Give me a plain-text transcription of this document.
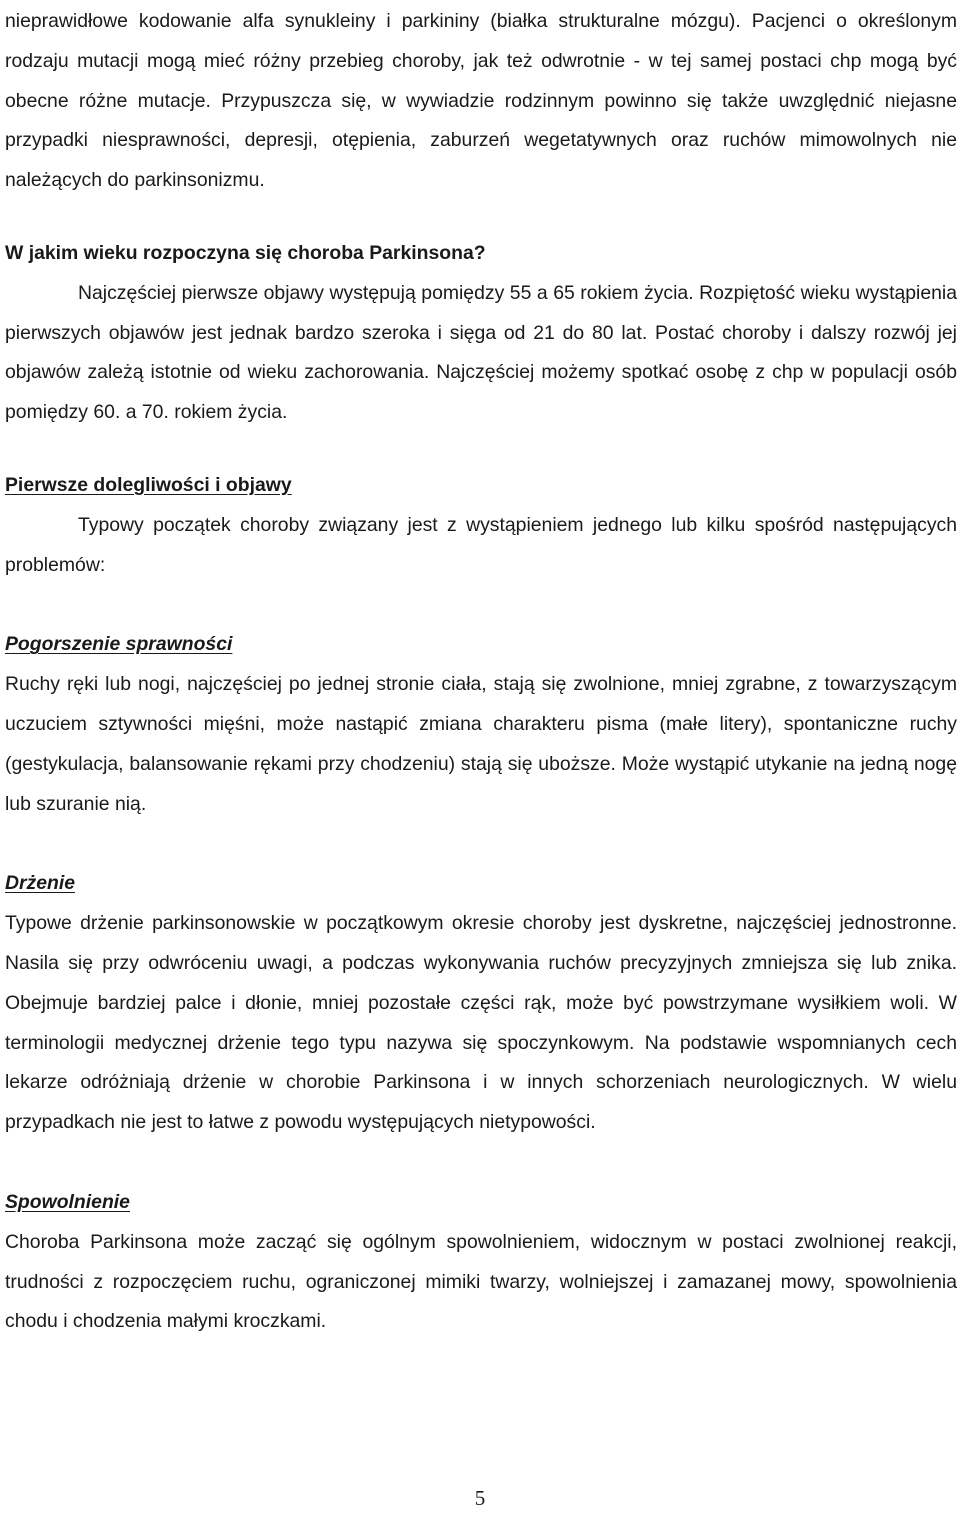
nieprawidłowe kodowanie alfa synukleiny i parkininy (białka strukturalne mózgu). Pacjenci o określonym rodzaju mutacji mogą mieć różny przebieg choroby, jak też odwrotnie - w tej samej postaci chp mogą być obecne różne mutacje. Przypuszcza się, w wywiadzie rodzinnym powinno się także uwzględnić niejasne przypadki niesprawności, depresji, otępienia, zaburzeń wegetatywnych oraz ruchów mimowolnych nie należących do parkinsonizmu.

W jakim wieku rozpoczyna się choroba Parkinsona?

Najczęściej pierwsze objawy występują pomiędzy 55 a 65 rokiem życia. Rozpiętość wieku wystąpienia pierwszych objawów jest jednak bardzo szeroka i sięga od 21 do 80 lat. Postać choroby i dalszy rozwój jej objawów zależą istotnie od wieku zachorowania. Najczęściej możemy spotkać osobę z chp w populacji osób pomiędzy 60. a 70. rokiem życia.

Pierwsze dolegliwości i objawy

Typowy początek choroby związany jest z wystąpieniem jednego lub kilku spośród następujących problemów:

Pogorszenie sprawności

Ruchy ręki lub nogi, najczęściej po jednej stronie ciała, stają się zwolnione, mniej zgrabne, z towarzyszącym uczuciem sztywności mięśni, może nastąpić zmiana charakteru pisma (małe litery), spontaniczne ruchy (gestykulacja, balansowanie rękami przy chodzeniu) stają się uboższe. Może wystąpić utykanie na jedną nogę lub szuranie nią.

Drżenie

Typowe drżenie parkinsonowskie w początkowym okresie choroby jest dyskretne, najczęściej jednostronne. Nasila się przy odwróceniu uwagi, a podczas wykonywania ruchów precyzyjnych zmniejsza się lub znika. Obejmuje bardziej palce i dłonie, mniej pozostałe części rąk, może być powstrzymane wysiłkiem woli. W terminologii medycznej drżenie tego typu nazywa się spoczynkowym. Na podstawie wspomnianych cech lekarze odróżniają drżenie w chorobie Parkinsona i w innych schorzeniach neurologicznych. W wielu przypadkach nie jest to łatwe z powodu występujących nietypowości.

Spowolnienie

Choroba Parkinsona może zacząć się ogólnym spowolnieniem, widocznym w postaci zwolnionej reakcji, trudności z rozpoczęciem ruchu, ograniczonej mimiki twarzy, wolniejszej i zamazanej mowy, spowolnienia chodu i chodzenia małymi kroczkami.

5
